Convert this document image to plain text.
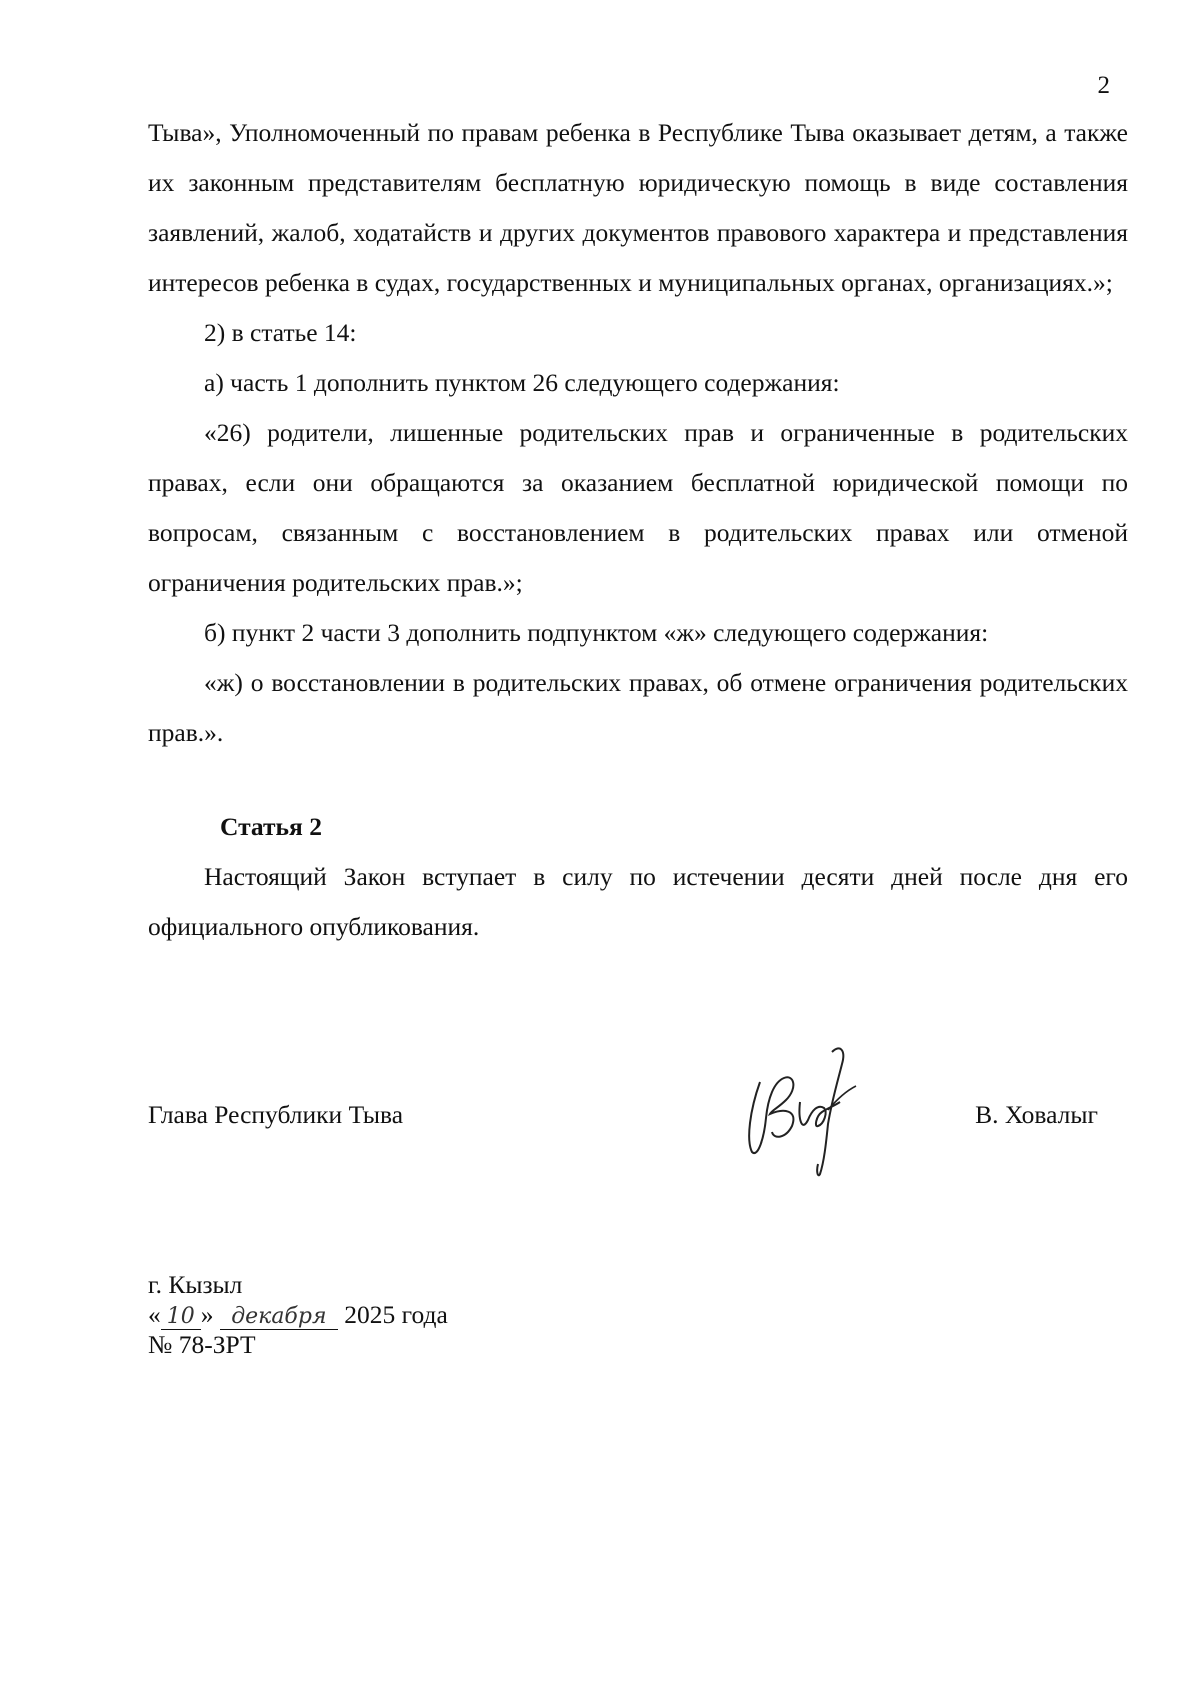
2

Тыва», Уполномоченный по правам ребенка в Республике Тыва оказывает детям, а также их законным представителям бесплатную юридическую помощь в виде составления заявлений, жалоб, ходатайств и других документов правового характера и представления интересов ребенка в судах, государственных и муниципальных органах, организациях.»;

2) в статье 14:

а) часть 1 дополнить пунктом 26 следующего содержания:

«26) родители, лишенные родительских прав и ограниченные в родительских правах, если они обращаются за оказанием бесплатной юридической помощи по вопросам, связанным с восстановлением в родительских правах или отменой ограничения родительских прав.»;

б) пункт 2 части 3 дополнить подпунктом «ж» следующего содержания:

«ж) о восстановлении в родительских правах, об отмене ограничения родительских прав.».

Статья 2

Настоящий Закон вступает в силу по истечении десяти дней после дня его официального опубликования.

Глава Республики Тыва	В. Ховалыг
г. Кызыл
« 10 » декабря 2025 года
№ 78-ЗРТ
